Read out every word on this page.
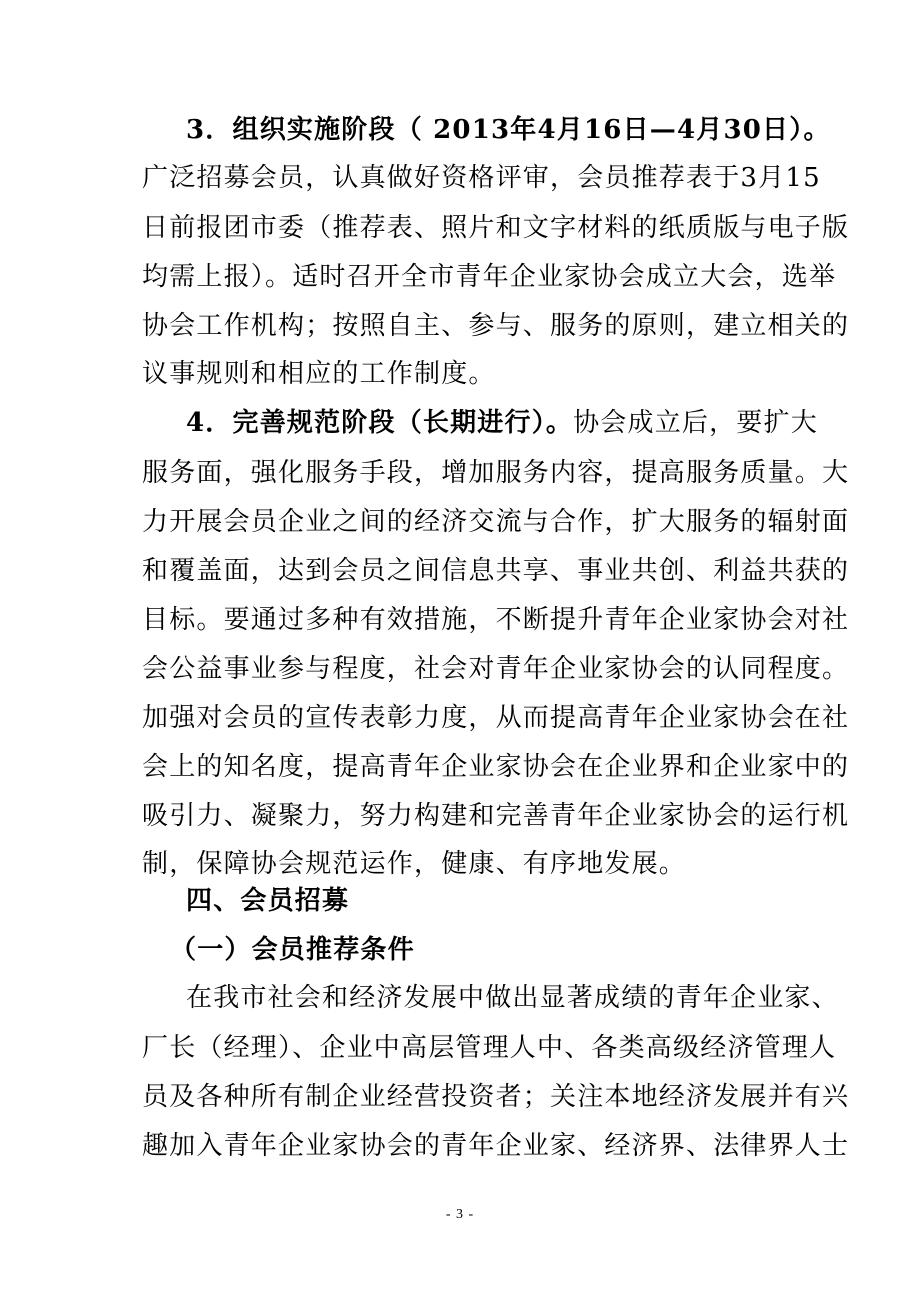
3．组织实施阶段（ 2013年4月16日—4月30日）。
广泛招募会员，认真做好资格评审，会员推荐表于3月15
日前报团市委（推荐表、照片和文字材料的纸质版与电子版
均需上报）。适时召开全市青年企业家协会成立大会，选举
协会工作机构；按照自主、参与、服务的原则，建立相关的
议事规则和相应的工作制度。
4．完善规范阶段（长期进行）。协会成立后，要扩大
服务面，强化服务手段，增加服务内容，提高服务质量。大
力开展会员企业之间的经济交流与合作，扩大服务的辐射面
和覆盖面，达到会员之间信息共享、事业共创、利益共获的
目标。要通过多种有效措施，不断提升青年企业家协会对社
会公益事业参与程度，社会对青年企业家协会的认同程度。
加强对会员的宣传表彰力度，从而提高青年企业家协会在社
会上的知名度，提高青年企业家协会在企业界和企业家中的
吸引力、凝聚力，努力构建和完善青年企业家协会的运行机
制，保障协会规范运作，健康、有序地发展。
四、会员招募
（一）会员推荐条件
在我市社会和经济发展中做出显著成绩的青年企业家、
厂长（经理）、企业中高层管理人中、各类高级经济管理人
员及各种所有制企业经营投资者；关注本地经济发展并有兴
趣加入青年企业家协会的青年企业家、经济界、法律界人士
- 3 -
